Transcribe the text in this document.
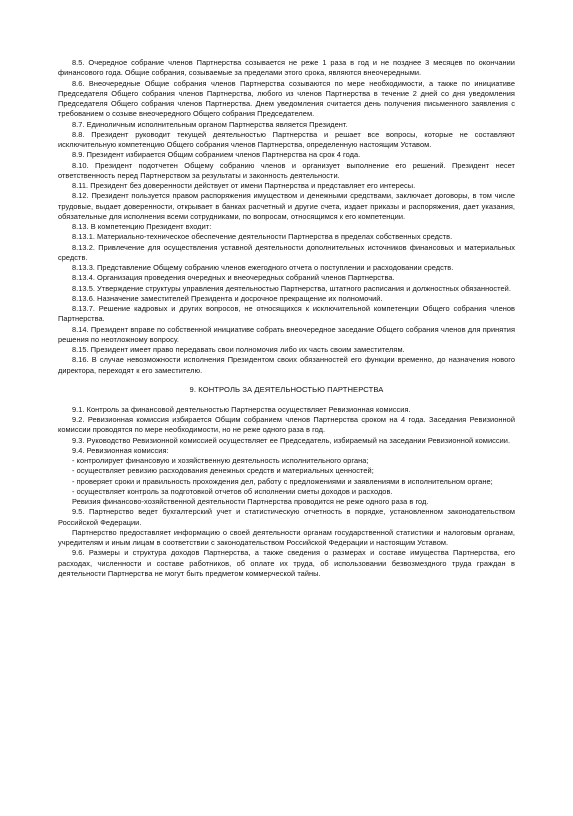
8.5. Очередное собрание членов Партнерства созывается не реже 1 раза в год и не позднее 3 месяцев по окончании финансового года. Общие собрания, созываемые за пределами этого срока, являются внеочередными.

8.6. Внеочередные Общие собрания членов Партнерства созываются по мере необходимости, а также по инициативе Председателя Общего собрания членов Партнерства, любого из членов Партнерства в течение 2 дней со дня уведомления Председателя Общего собрания членов Партнерства. Днем уведомления считается день получения письменного заявления с требованием о созыве внеочередного Общего собрания Председателем.

8.7. Единоличным исполнительным органом Партнерства является Президент.

8.8. Президент руководит текущей деятельностью Партнерства и решает все вопросы, которые не составляют исключительную компетенцию Общего собрания членов Партнерства, определенную настоящим Уставом.

8.9. Президент избирается Общим собранием членов Партнерства на срок 4 года.

8.10. Президент подотчетен Общему собранию членов и организует выполнение его решений. Президент несет ответственность перед Партнерством за результаты и законность деятельности.

8.11. Президент без доверенности действует от имени Партнерства и представляет его интересы.

8.12. Президент пользуется правом распоряжения имуществом и денежными средствами, заключает договоры, в том числе трудовые, выдает доверенности, открывает в банках расчетный и другие счета, издает приказы и распоряжения, дает указания, обязательные для исполнения всеми сотрудниками, по вопросам, относящимся к его компетенции.

8.13. В компетенцию Президент входит:

8.13.1. Материально-техническое обеспечение деятельности Партнерства в пределах собственных средств.

8.13.2. Привлечение для осуществления уставной деятельности дополнительных источников финансовых и материальных средств.

8.13.3. Представление Общему собранию членов ежегодного отчета о поступлении и расходовании средств.

8.13.4. Организация проведения очередных и внеочередных собраний членов Партнерства.

8.13.5. Утверждение структуры управления деятельностью Партнерства, штатного расписания и должностных обязанностей.

8.13.6. Назначение заместителей Президента и досрочное прекращение их полномочий.

8.13.7. Решение кадровых и других вопросов, не относящихся к исключительной компетенции Общего собрания членов Партнерства.

8.14. Президент вправе по собственной инициативе собрать внеочередное заседание Общего собрания членов для принятия решения по неотложному вопросу.

8.15. Президент имеет право передавать свои полномочия либо их часть своим заместителям.

8.16. В случае невозможности исполнения Президентом своих обязанностей его функции временно, до назначения нового директора, переходят к его заместителю.

9. КОНТРОЛЬ ЗА ДЕЯТЕЛЬНОСТЬЮ ПАРТНЕРСТВА

9.1. Контроль за финансовой деятельностью Партнерства осуществляет Ревизионная комиссия.

9.2. Ревизионная комиссия избирается Общим собранием членов Партнерства сроком на 4 года. Заседания Ревизионной комиссии проводятся по мере необходимости, но не реже одного раза в год.

9.3. Руководство Ревизионной комиссией осуществляет ее Председатель, избираемый на заседании Ревизионной комиссии.

9.4. Ревизионная комиссия:

- контролирует финансовую и хозяйственную деятельность исполнительного органа;

- осуществляет ревизию расходования денежных средств и материальных ценностей;

- проверяет сроки и правильность прохождения дел, работу с предложениями и заявлениями в исполнительном органе;

- осуществляет контроль за подготовкой отчетов об исполнении сметы доходов и расходов.

Ревизия финансово-хозяйственной деятельности Партнерства проводится не реже одного раза в год.

9.5. Партнерство ведет бухгалтерский учет и статистическую отчетность в порядке, установленном законодательством Российской Федерации.

Партнерство предоставляет информацию о своей деятельности органам государственной статистики и налоговым органам, учредителям и иным лицам в соответствии с законодательством Российской Федерации и настоящим Уставом.

9.6. Размеры и структура доходов Партнерства, а также сведения о размерах и составе имущества Партнерства, его расходах, численности и составе работников, об оплате их труда, об использовании безвозмездного труда граждан в деятельности Партнерства не могут быть предметом коммерческой тайны.
